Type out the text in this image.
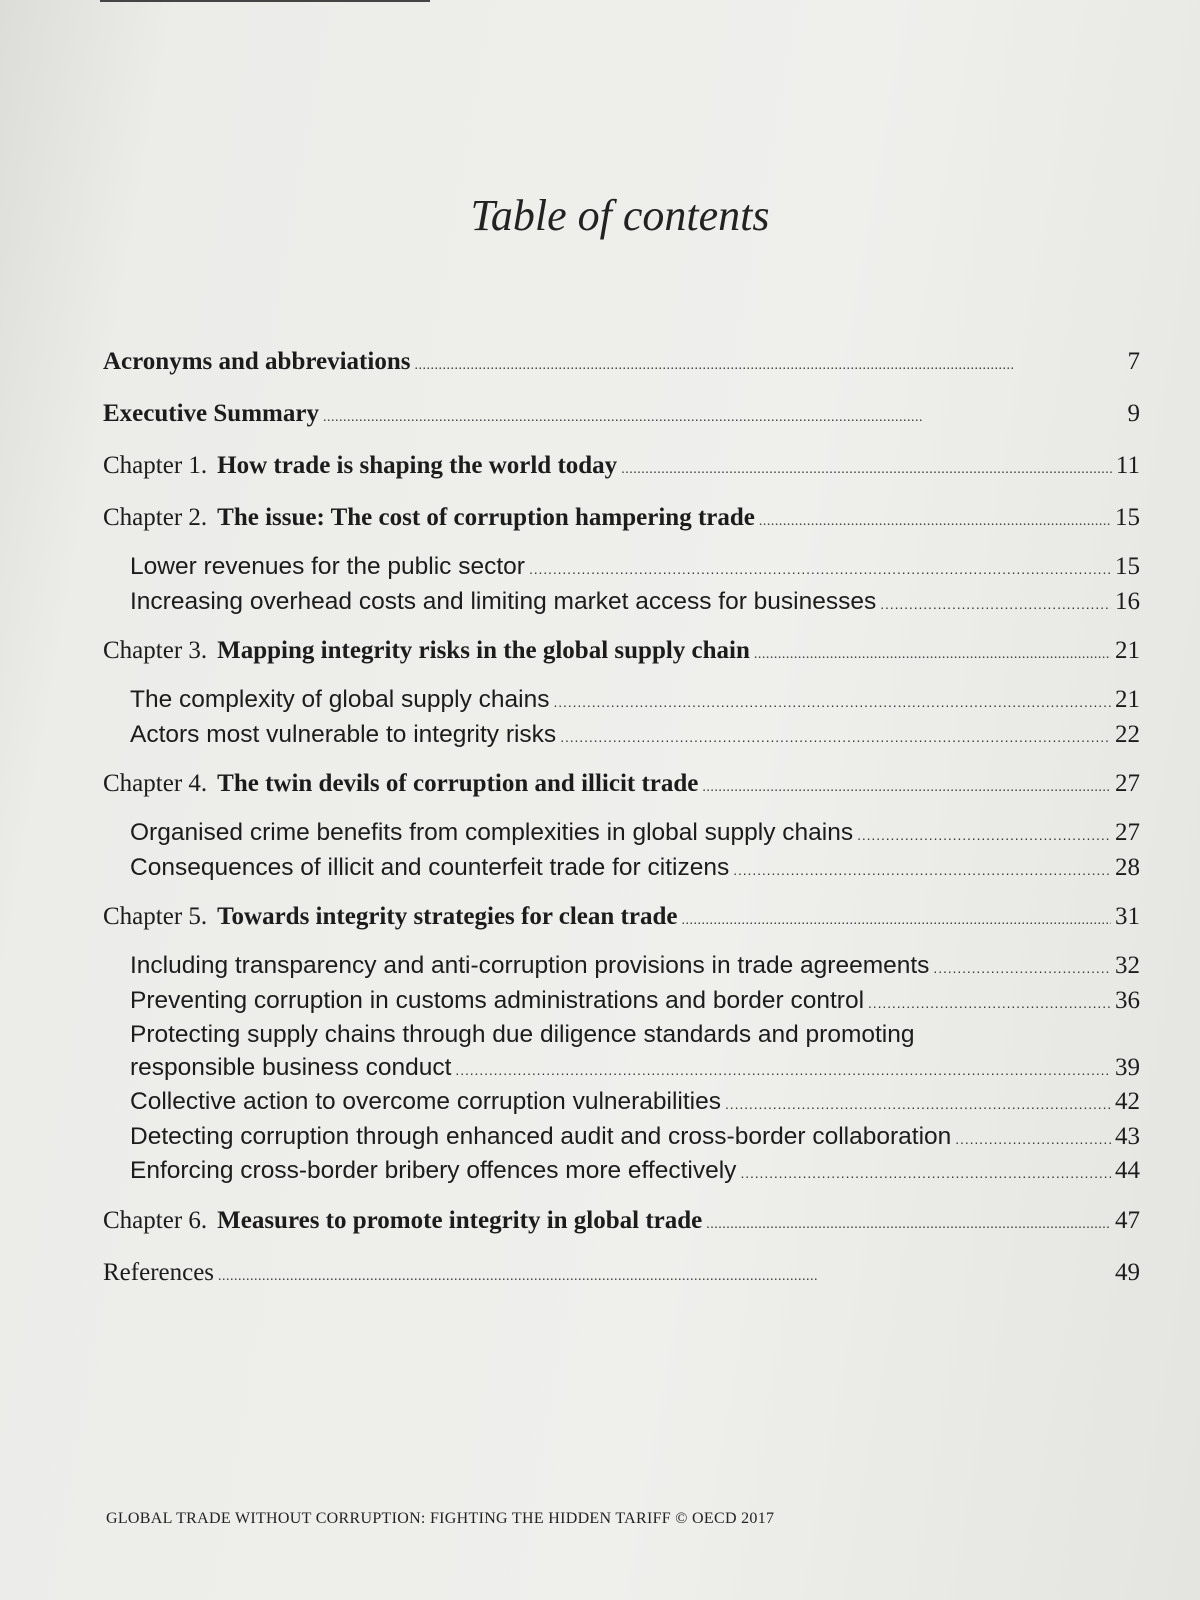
Table of contents
Acronyms and abbreviations . . .	7
Executive Summary . . .	9
Chapter 1. How trade is shaping the world today . . .	11
Chapter 2. The issue: The cost of corruption hampering trade . . .	15
Lower revenues for the public sector . . .	15
Increasing overhead costs and limiting market access for businesses . . .	16
Chapter 3. Mapping integrity risks in the global supply chain . . .	21
The complexity of global supply chains . . .	21
Actors most vulnerable to integrity risks . . .	22
Chapter 4. The twin devils of corruption and illicit trade . . .	27
Organised crime benefits from complexities in global supply chains . . .	27
Consequences of illicit and counterfeit trade for citizens . . .	28
Chapter 5. Towards integrity strategies for clean trade . . .	31
Including transparency and anti-corruption provisions in trade agreements . . .	32
Preventing corruption in customs administrations and border control . . .	36
Protecting supply chains through due diligence standards and promoting
responsible business conduct . . .	39
Collective action to overcome corruption vulnerabilities . . .	42
Detecting corruption through enhanced audit and cross-border collaboration . . .	43
Enforcing cross-border bribery offences more effectively . . .	44
Chapter 6. Measures to promote integrity in global trade . . .	47
References . . .	49
GLOBAL TRADE WITHOUT CORRUPTION: FIGHTING THE HIDDEN TARIFF © OECD 2017
